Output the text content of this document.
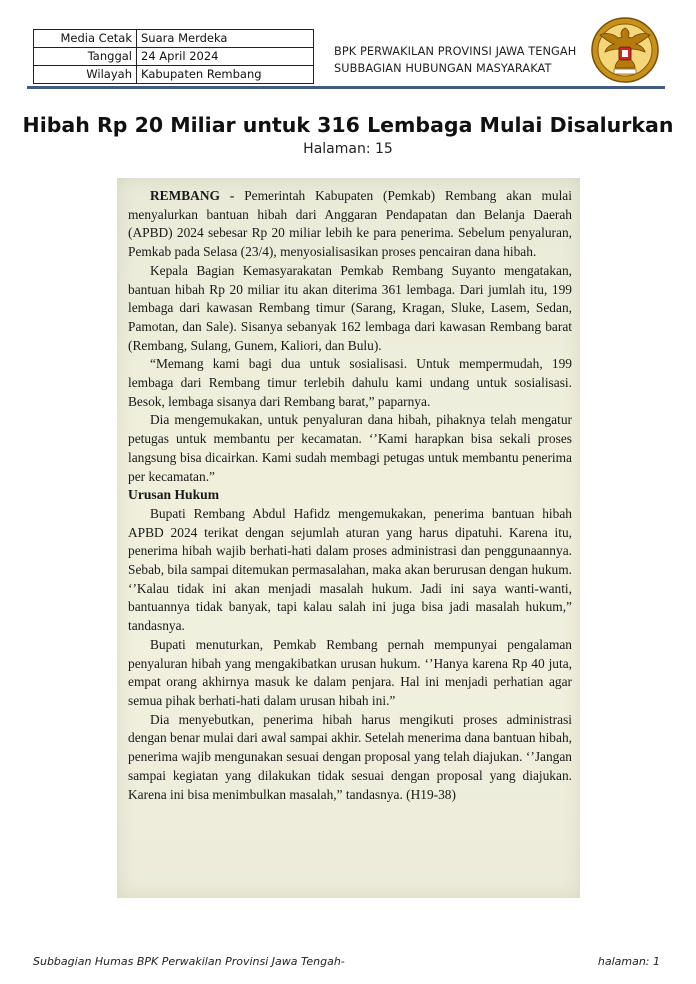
Media Cetak	Suara Merdeka
Tanggal	24 April 2024
Wilayah	Kabupaten Rembang
BPK PERWAKILAN PROVINSI JAWA TENGAH
SUBBAGIAN HUBUNGAN MASYARAKAT
Hibah Rp 20 Miliar untuk 316 Lembaga Mulai Disalurkan
Halaman: 15

REMBANG - Pemerintah Kabupaten (Pemkab) Rembang akan mulai menyalurkan bantuan hibah dari Anggaran Pendapatan dan Belanja Daerah (APBD) 2024 sebesar Rp 20 miliar lebih ke para penerima. Sebelum penyaluran, Pemkab pada Selasa (23/4), menyosialisasikan proses pencairan dana hibah.

Kepala Bagian Kemasyarakatan Pemkab Rembang Suyanto mengatakan, bantuan hibah Rp 20 miliar itu akan diterima 361 lembaga. Dari jumlah itu, 199 lembaga dari kawasan Rembang timur (Sarang, Kragan, Sluke, Lasem, Sedan, Pamotan, dan Sale). Sisanya sebanyak 162 lembaga dari kawasan Rembang barat (Rembang, Sulang, Gunem, Kaliori, dan Bulu).

“Memang kami bagi dua untuk sosialisasi. Untuk mempermudah, 199 lembaga dari Rembang timur terlebih dahulu kami undang untuk sosialisasi. Besok, lembaga sisanya dari Rembang barat,” paparnya.

Dia mengemukakan, untuk penyaluran dana hibah, pihaknya telah mengatur petugas untuk membantu per kecamatan. ‘’Kami harapkan bisa sekali proses langsung bisa dicairkan. Kami sudah membagi petugas untuk membantu penerima per kecamatan.”

Urusan Hukum

Bupati Rembang Abdul Hafidz mengemukakan, penerima bantuan hibah APBD 2024 terikat dengan sejumlah aturan yang harus dipatuhi. Karena itu, penerima hibah wajib berhati-hati dalam proses administrasi dan penggunaannya. Sebab, bila sampai ditemukan permasalahan, maka akan berurusan dengan hukum. ‘’Kalau tidak ini akan menjadi masalah hukum. Jadi ini saya wanti-wanti, bantuannya tidak banyak, tapi kalau salah ini juga bisa jadi masalah hukum,” tandasnya.

Bupati menuturkan, Pemkab Rembang pernah mempunyai pengalaman penyaluran hibah yang mengakibatkan urusan hukum. ‘’Hanya karena Rp 40 juta, empat orang akhirnya masuk ke dalam penjara. Hal ini menjadi perhatian agar semua pihak berhati-hati dalam urusan hibah ini.”

Dia menyebutkan, penerima hibah harus mengikuti proses administrasi dengan benar mulai dari awal sampai akhir. Setelah menerima dana bantuan hibah, penerima wajib mengunakan sesuai dengan proposal yang telah diajukan. ‘’Jangan sampai kegiatan yang dilakukan tidak sesuai dengan proposal yang diajukan. Karena ini bisa menimbulkan masalah,” tandasnya. (H19-38)

Subbagian Humas BPK Perwakilan Provinsi Jawa Tengah-	halaman: 1
